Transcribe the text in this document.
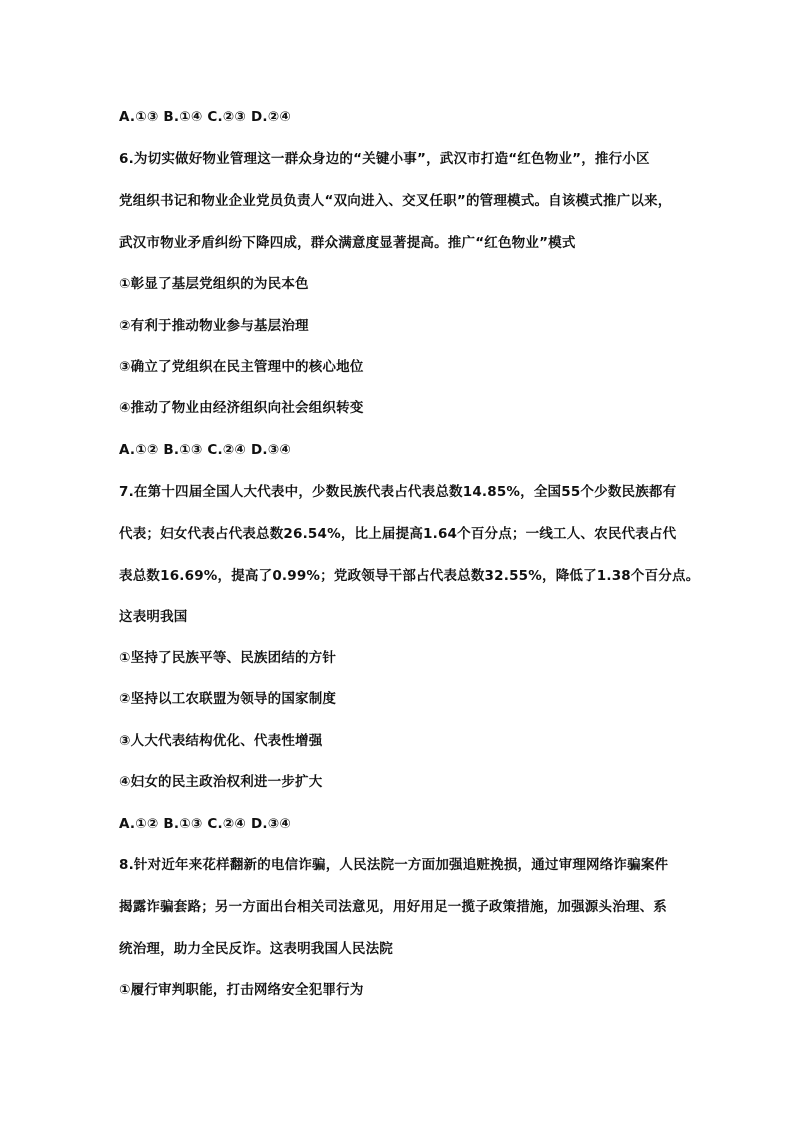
A.①③ B.①④ C.②③ D.②④
6.为切实做好物业管理这一群众身边的“关键小事”，武汉市打造“红色物业”，推行小区
党组织书记和物业企业党员负责人“双向进入、交叉任职”的管理模式。自该模式推广以来，
武汉市物业矛盾纠纷下降四成，群众满意度显著提高。推广“红色物业”模式
①彰显了基层党组织的为民本色
②有利于推动物业参与基层治理
③确立了党组织在民主管理中的核心地位
④推动了物业由经济组织向社会组织转变
A.①② B.①③ C.②④ D.③④
7.在第十四届全国人大代表中，少数民族代表占代表总数14.85%，全国55个少数民族都有
代表；妇女代表占代表总数26.54%，比上届提高1.64个百分点；一线工人、农民代表占代
表总数16.69%，提高了0.99%；党政领导干部占代表总数32.55%，降低了1.38个百分点。
这表明我国
①坚持了民族平等、民族团结的方针
②坚持以工农联盟为领导的国家制度
③人大代表结构优化、代表性增强
④妇女的民主政治权利进一步扩大
A.①② B.①③ C.②④ D.③④
8.针对近年来花样翻新的电信诈骗，人民法院一方面加强追赃挽损，通过审理网络诈骗案件
揭露诈骗套路；另一方面出台相关司法意见，用好用足一揽子政策措施，加强源头治理、系
统治理，助力全民反诈。这表明我国人民法院
①履行审判职能，打击网络安全犯罪行为
